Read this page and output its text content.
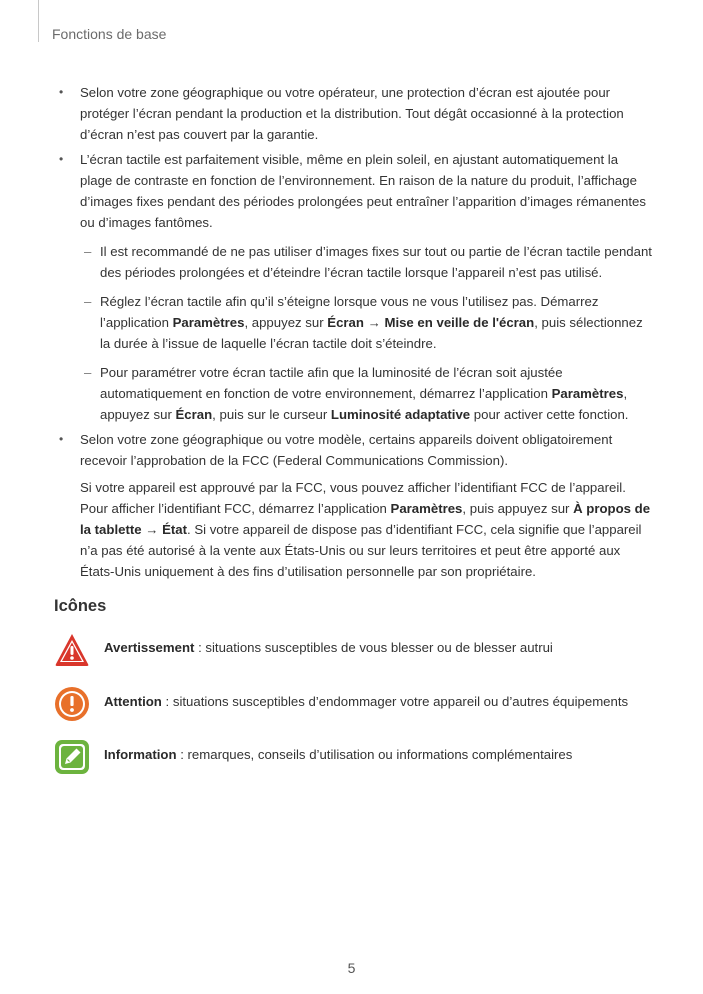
Fonctions de base
• Selon votre zone géographique ou votre opérateur, une protection d’écran est ajoutée pour protéger l’écran pendant la production et la distribution. Tout dégât occasionné à la protection d’écran n’est pas couvert par la garantie.
• L’écran tactile est parfaitement visible, même en plein soleil, en ajustant automatiquement la plage de contraste en fonction de l’environnement. En raison de la nature du produit, l’affichage d’images fixes pendant des périodes prolongées peut entraîner l’apparition d’images rémanentes ou d’images fantômes.
– Il est recommandé de ne pas utiliser d’images fixes sur tout ou partie de l’écran tactile pendant des périodes prolongées et d’éteindre l’écran tactile lorsque l’appareil n’est pas utilisé.
– Réglez l’écran tactile afin qu’il s’éteigne lorsque vous ne vous l’utilisez pas. Démarrez l’application Paramètres, appuyez sur Écran → Mise en veille de l'écran, puis sélectionnez la durée à l’issue de laquelle l’écran tactile doit s’éteindre.
– Pour paramétrer votre écran tactile afin que la luminosité de l’écran soit ajustée automatiquement en fonction de votre environnement, démarrez l’application Paramètres, appuyez sur Écran, puis sur le curseur Luminosité adaptative pour activer cette fonction.
• Selon votre zone géographique ou votre modèle, certains appareils doivent obligatoirement recevoir l’approbation de la FCC (Federal Communications Commission).
Si votre appareil est approuvé par la FCC, vous pouvez afficher l’identifiant FCC de l’appareil. Pour afficher l’identifiant FCC, démarrez l’application Paramètres, puis appuyez sur À propos de la tablette → État. Si votre appareil de dispose pas d’identifiant FCC, cela signifie que l’appareil n’a pas été autorisé à la vente aux États-Unis ou sur leurs territoires et peut être apporté aux États-Unis uniquement à des fins d’utilisation personnelle par son propriétaire.
Icônes
Avertissement : situations susceptibles de vous blesser ou de blesser autrui
Attention : situations susceptibles d’endommager votre appareil ou d’autres équipements
Information : remarques, conseils d’utilisation ou informations complémentaires
5
